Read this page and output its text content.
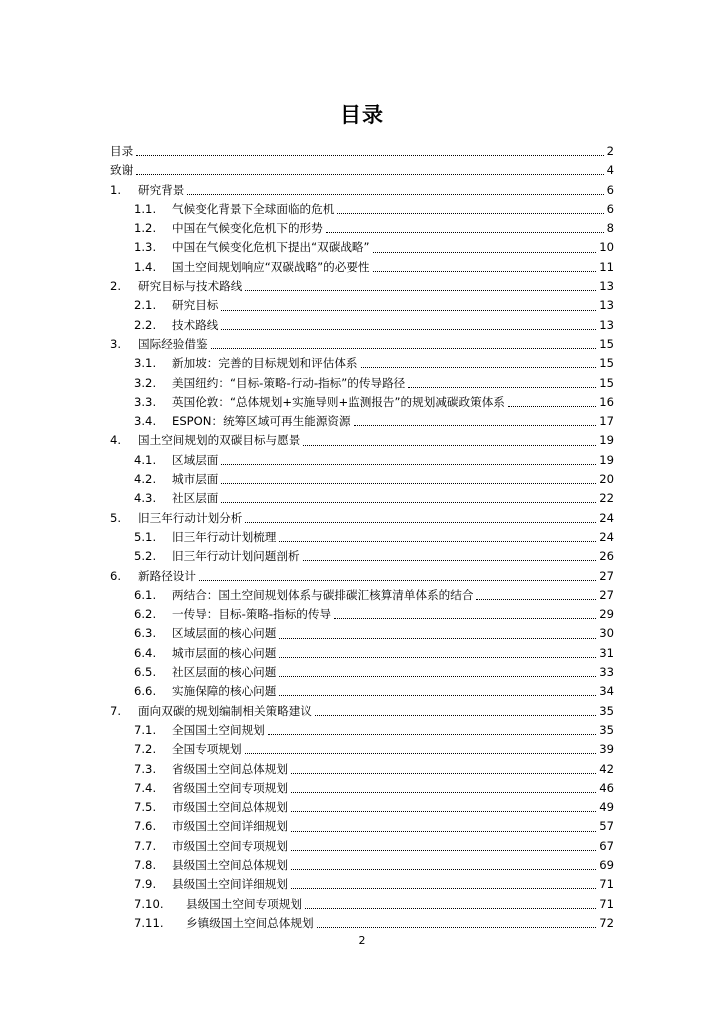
目录
目录	2
致谢	4
1.	研究背景	6
1.1.	气候变化背景下全球面临的危机	6
1.2.	中国在气候变化危机下的形势	8
1.3.	中国在气候变化危机下提出“双碳战略”	10
1.4.	国土空间规划响应“双碳战略”的必要性	11
2.	研究目标与技术路线	13
2.1.	研究目标	13
2.2.	技术路线	13
3.	国际经验借鉴	15
3.1.	新加坡：完善的目标规划和评估体系	15
3.2.	美国纽约：“目标-策略-行动-指标”的传导路径	15
3.3.	英国伦敦：“总体规划+实施导则+监测报告”的规划减碳政策体系	16
3.4.	ESPON：统筹区域可再生能源资源	17
4.	国土空间规划的双碳目标与愿景	19
4.1.	区域层面	19
4.2.	城市层面	20
4.3.	社区层面	22
5.	旧三年行动计划分析	24
5.1.	旧三年行动计划梳理	24
5.2.	旧三年行动计划问题剖析	26
6.	新路径设计	27
6.1.	两结合：国土空间规划体系与碳排碳汇核算清单体系的结合	27
6.2.	一传导：目标-策略-指标的传导	29
6.3.	区域层面的核心问题	30
6.4.	城市层面的核心问题	31
6.5.	社区层面的核心问题	33
6.6.	实施保障的核心问题	34
7.	面向双碳的规划编制相关策略建议	35
7.1.	全国国土空间规划	35
7.2.	全国专项规划	39
7.3.	省级国土空间总体规划	42
7.4.	省级国土空间专项规划	46
7.5.	市级国土空间总体规划	49
7.6.	市级国土空间详细规划	57
7.7.	市级国土空间专项规划	67
7.8.	县级国土空间总体规划	69
7.9.	县级国土空间详细规划	71
7.10.	县级国土空间专项规划	71
7.11.	乡镇级国土空间总体规划	72
2
